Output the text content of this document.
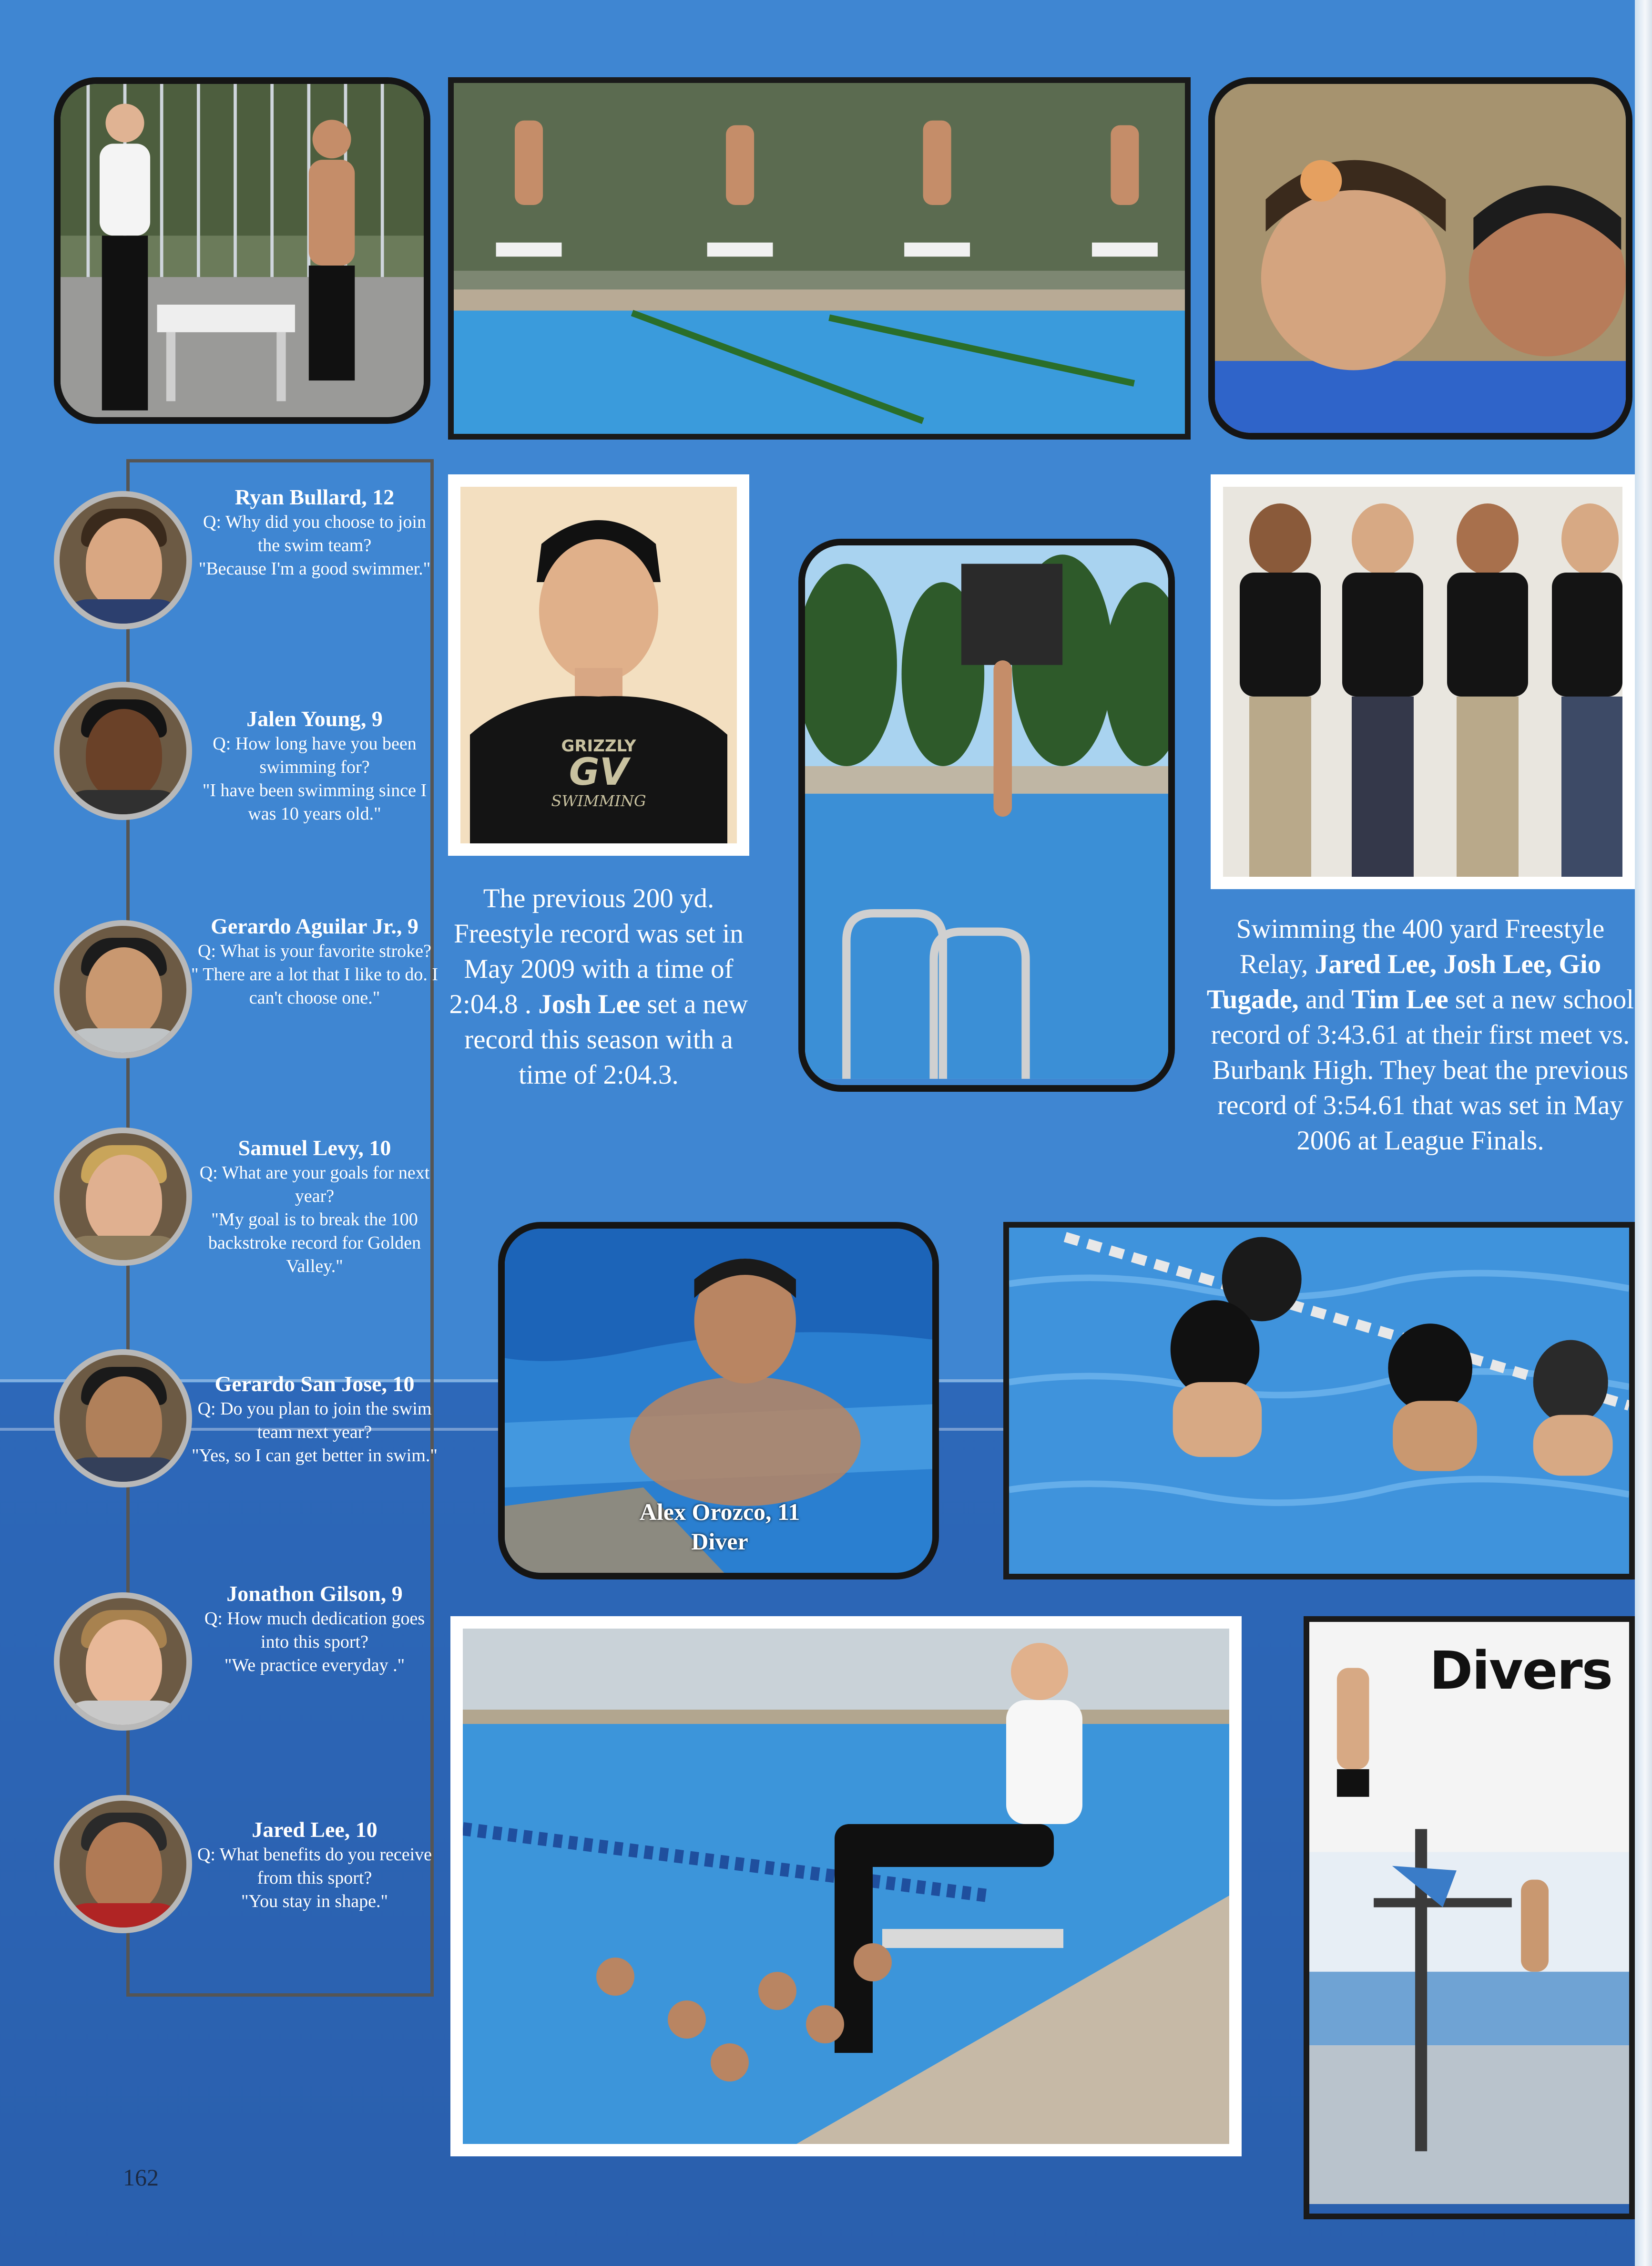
Ryan Bullard, 12
Q: Why did you choose to join the swim team?
"Because I'm a good swimmer."
Jalen Young, 9
Q: How long have you been swimming for?
"I have been swimming since I was 10 years old."
Gerardo Aguilar Jr., 9
Q: What is your favorite stroke?
" There are a lot that I like to do. I can't choose one."
Samuel Levy, 10
Q: What are your goals for next year?
"My goal is to break the 100 backstroke record for Golden Valley."
Gerardo San Jose, 10
Q: Do you plan to join the swim team next year?
"Yes, so I can get better in swim."
Jonathon Gilson, 9
Q: How much dedication goes into this sport?
"We practice everyday ."
Jared Lee, 10
Q: What benefits do you receive from this sport?
"You stay in shape."
GRIZZLY
GV
SWIMMING
The previous 200 yd. Freestyle record was set in May 2009 with a time of 2:04.8 . Josh Lee set a new record this season with a time of 2:04.3.
Swimming the 400 yard Freestyle Relay, Jared Lee, Josh Lee, Gio Tugade, and Tim Lee set a new school record of 3:43.61 at their first meet vs. Burbank High. They beat the previous record of 3:54.61 that was set in May 2006 at League Finals.
Alex Orozco, 11
Diver
Divers
162
